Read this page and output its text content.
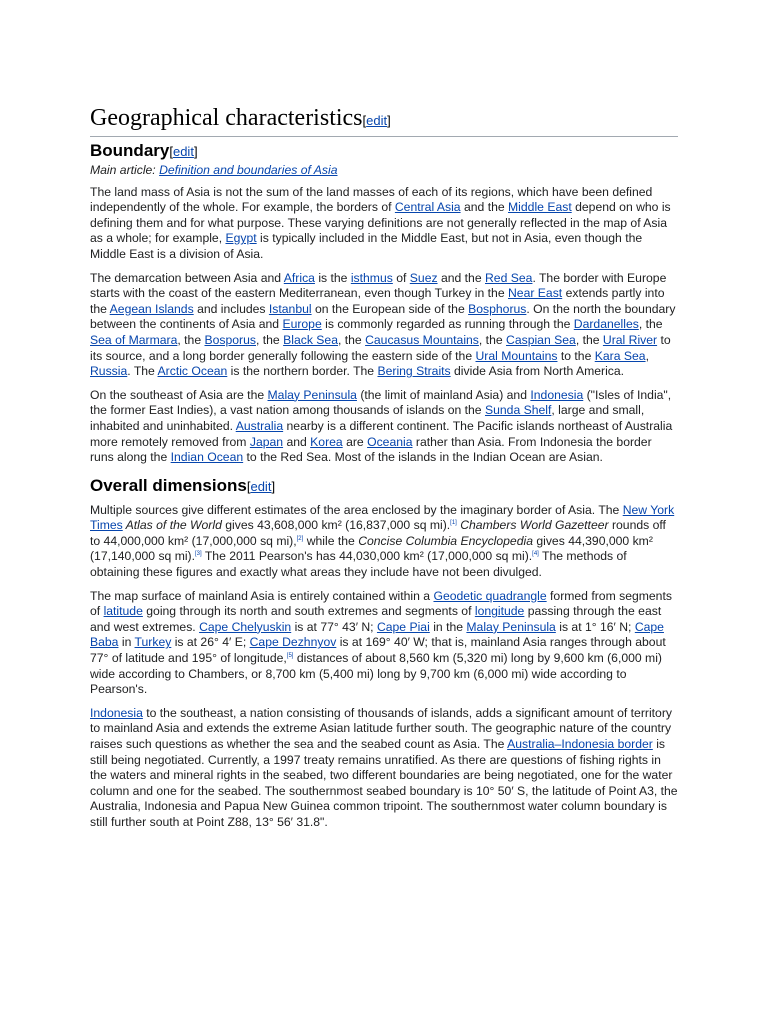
Geographical characteristics[edit]
Boundary[edit]

Main article: Definition and boundaries of Asia

The land mass of Asia is not the sum of the land masses of each of its regions, which have been defined independently of the whole. For example, the borders of Central Asia and the Middle East depend on who is defining them and for what purpose. These varying definitions are not generally reflected in the map of Asia as a whole; for example, Egypt is typically included in the Middle East, but not in Asia, even though the Middle East is a division of Asia.

The demarcation between Asia and Africa is the isthmus of Suez and the Red Sea. The border with Europe starts with the coast of the eastern Mediterranean, even though Turkey in the Near East extends partly into the Aegean Islands and includes Istanbul on the European side of the Bosphorus. On the north the boundary between the continents of Asia and Europe is commonly regarded as running through the Dardanelles, the Sea of Marmara, the Bosporus, the Black Sea, the Caucasus Mountains, the Caspian Sea, the Ural River to its source, and a long border generally following the eastern side of the Ural Mountains to the Kara Sea, Russia. The Arctic Ocean is the northern border. The Bering Straits divide Asia from North America.

On the southeast of Asia are the Malay Peninsula (the limit of mainland Asia) and Indonesia ("Isles of India", the former East Indies), a vast nation among thousands of islands on the Sunda Shelf, large and small, inhabited and uninhabited. Australia nearby is a different continent. The Pacific islands northeast of Australia more remotely removed from Japan and Korea are Oceania rather than Asia. From Indonesia the border runs along the Indian Ocean to the Red Sea. Most of the islands in the Indian Ocean are Asian.

Overall dimensions[edit]

Multiple sources give different estimates of the area enclosed by the imaginary border of Asia. The New York Times Atlas of the World gives 43,608,000 km² (16,837,000 sq mi).[1] Chambers World Gazetteer rounds off to 44,000,000 km² (17,000,000 sq mi),[2] while the Concise Columbia Encyclopedia gives 44,390,000 km² (17,140,000 sq mi).[3] The 2011 Pearson's has 44,030,000 km² (17,000,000 sq mi).[4] The methods of obtaining these figures and exactly what areas they include have not been divulged.

The map surface of mainland Asia is entirely contained within a Geodetic quadrangle formed from segments of latitude going through its north and south extremes and segments of longitude passing through the east and west extremes. Cape Chelyuskin is at 77° 43′ N; Cape Piai in the Malay Peninsula is at 1° 16′ N; Cape Baba in Turkey is at 26° 4′ E; Cape Dezhnyov is at 169° 40′ W; that is, mainland Asia ranges through about 77° of latitude and 195° of longitude,[5] distances of about 8,560 km (5,320 mi) long by 9,600 km (6,000 mi) wide according to Chambers, or 8,700 km (5,400 mi) long by 9,700 km (6,000 mi) wide according to Pearson's.

Indonesia to the southeast, a nation consisting of thousands of islands, adds a significant amount of territory to mainland Asia and extends the extreme Asian latitude further south. The geographic nature of the country raises such questions as whether the sea and the seabed count as Asia. The Australia–Indonesia border is still being negotiated. Currently, a 1997 treaty remains unratified. As there are questions of fishing rights in the waters and mineral rights in the seabed, two different boundaries are being negotiated, one for the water column and one for the seabed. The southernmost seabed boundary is 10° 50′ S, the latitude of Point A3, the Australia, Indonesia and Papua New Guinea common tripoint. The southernmost water column boundary is still further south at Point Z88, 13° 56′ 31.8".
